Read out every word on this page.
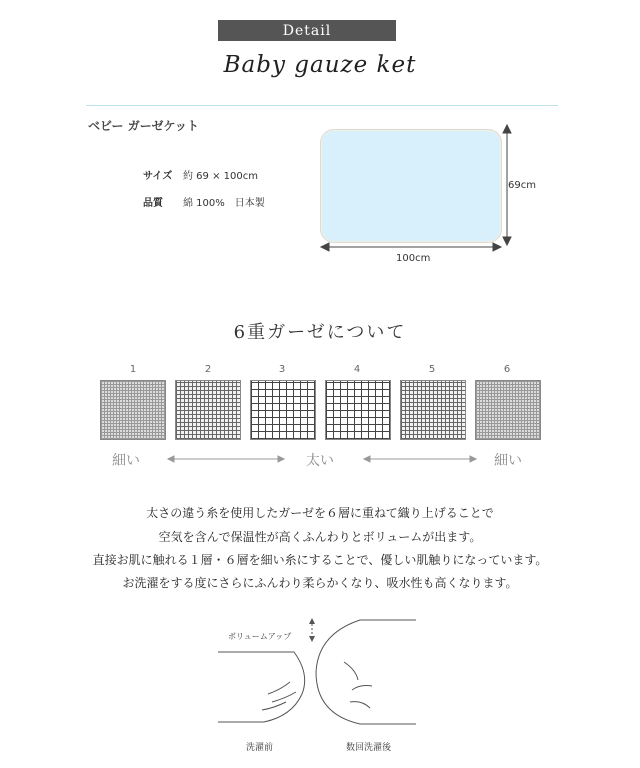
Detail
Baby gauze ket
ベビー ガーゼケット
サイズ 約 69 × 100cm
品質 綿 100%　日本製
69cm
100cm
6重ガーゼについて
1	2	3	4	5	6
細い	太い	細い
太さの違う糸を使用したガーゼを６層に重ねて織り上げることで
空気を含んで保温性が高くふんわりとボリュームが出ます。
直接お肌に触れる１層・６層を細い糸にすることで、優しい肌触りになっています。
お洗濯をする度にさらにふんわり柔らかくなり、吸水性も高くなります。
ボリュームアップ
洗濯前	数回洗濯後
